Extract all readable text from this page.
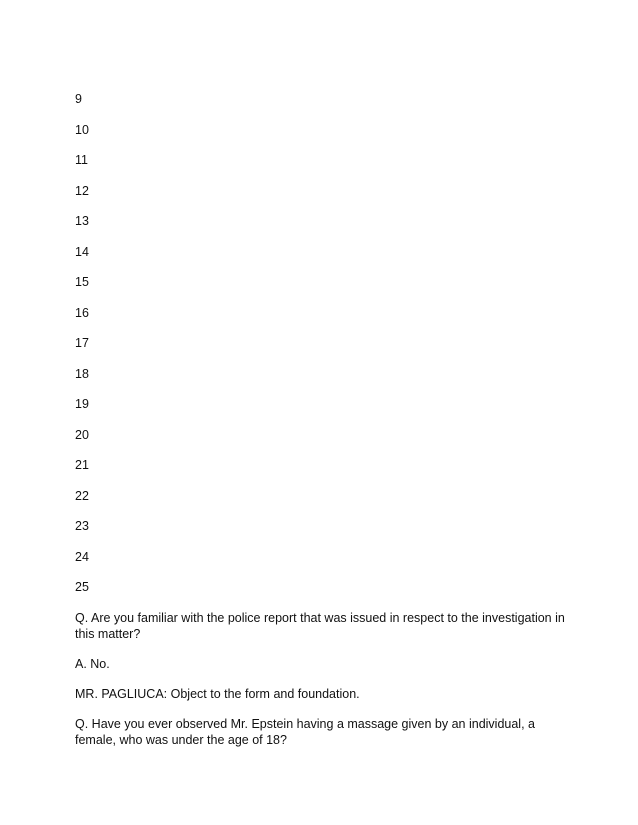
9
10
11
12
13
14
15
16
17
18
19
20
21
22
23
24
25

Q. Are you familiar with the police report that was issued in respect to the investigation in this matter?

A. No.

MR. PAGLIUCA: Object to the form and foundation.

Q. Have you ever observed Mr. Epstein having a massage given by an individual, a female, who was under the age of 18?
